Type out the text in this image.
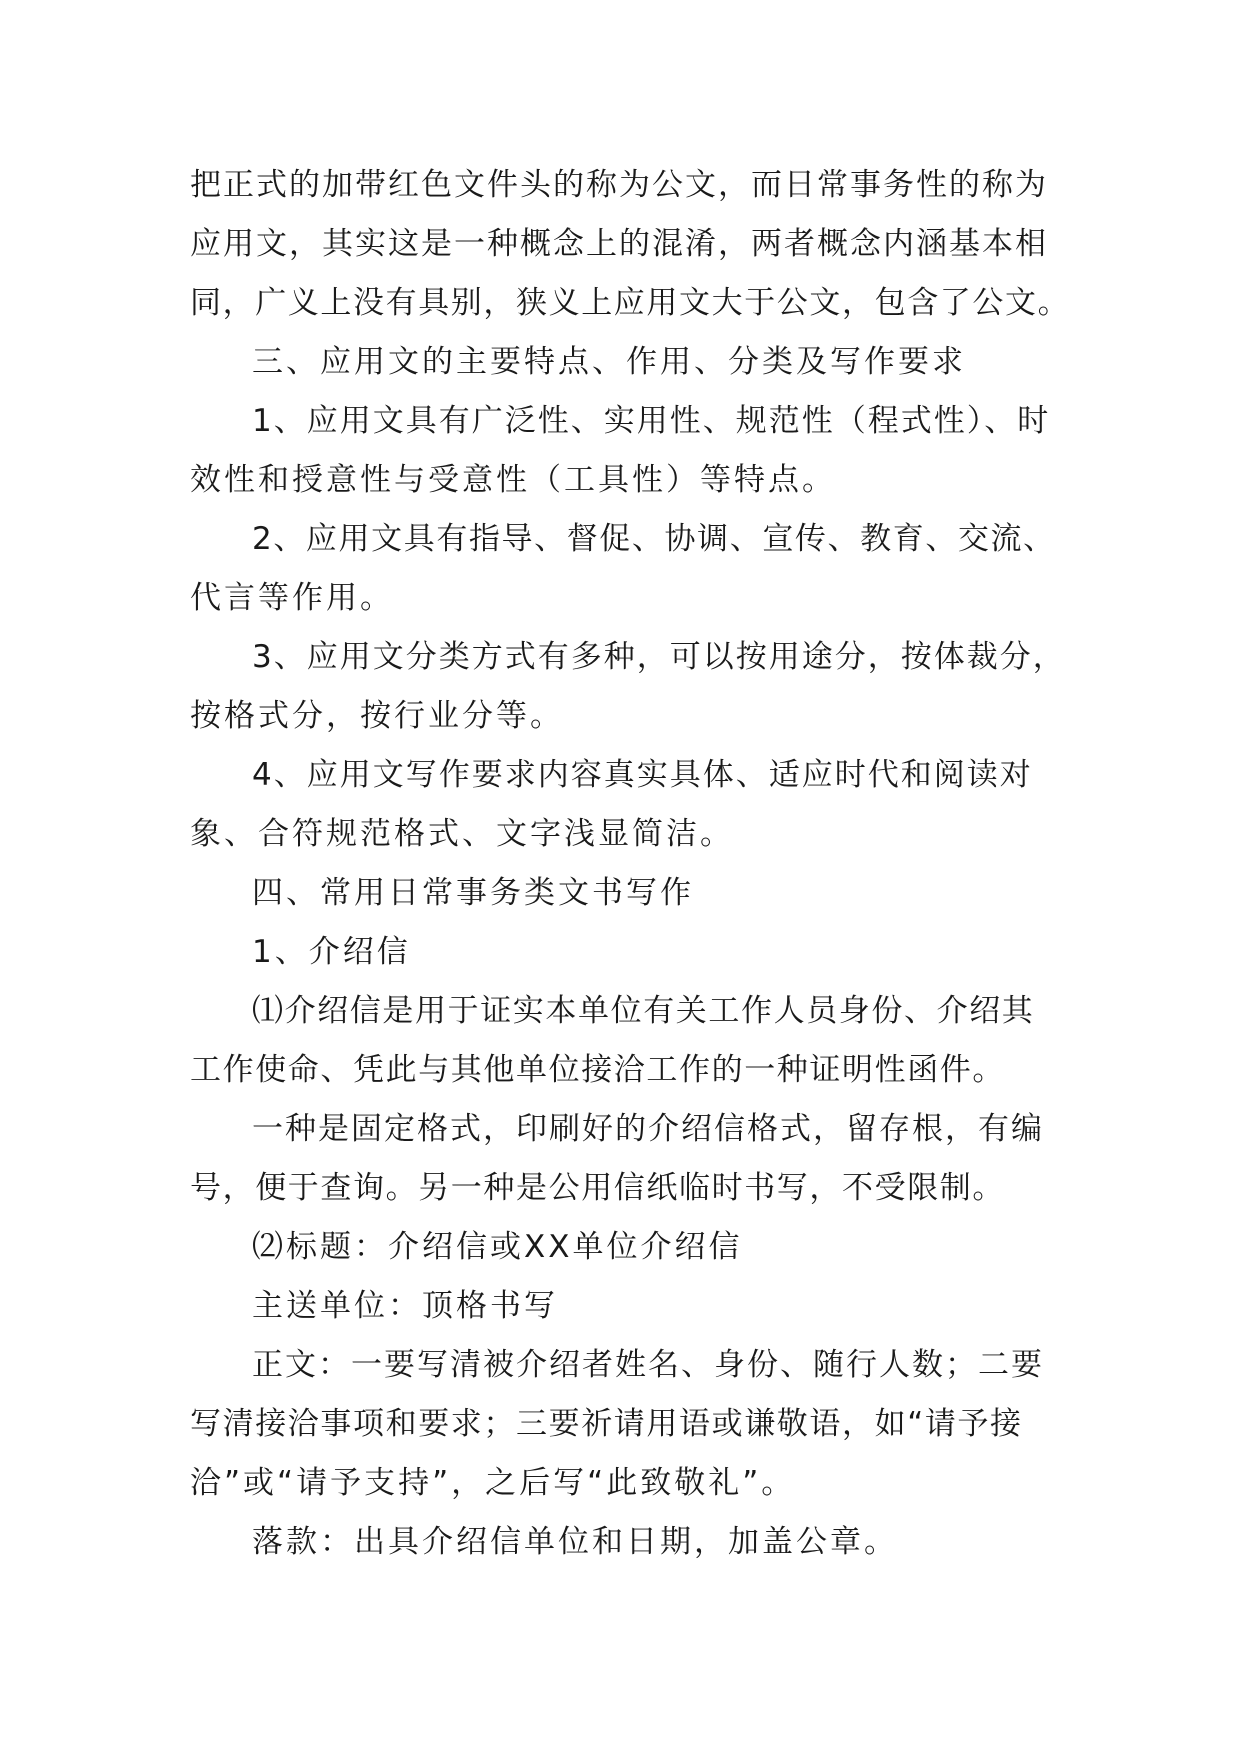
把正式的加带红色文件头的称为公文，而日常事务性的称为
应用文，其实这是一种概念上的混淆，两者概念内涵基本相
同，广义上没有具别，狭义上应用文大于公文，包含了公文。
三、应用文的主要特点、作用、分类及写作要求
1、应用文具有广泛性、实用性、规范性（程式性）、时
效性和授意性与受意性（工具性）等特点。
2、应用文具有指导、督促、协调、宣传、教育、交流、
代言等作用。
3、应用文分类方式有多种，可以按用途分，按体裁分，
按格式分，按行业分等。
4、应用文写作要求内容真实具体、适应时代和阅读对
象、合符规范格式、文字浅显简洁。
四、常用日常事务类文书写作
1、介绍信
⑴介绍信是用于证实本单位有关工作人员身份、介绍其
工作使命、凭此与其他单位接洽工作的一种证明性函件。
一种是固定格式，印刷好的介绍信格式，留存根，有编
号，便于查询。另一种是公用信纸临时书写，不受限制。
⑵标题：介绍信或XX单位介绍信
主送单位：顶格书写
正文：一要写清被介绍者姓名、身份、随行人数；二要
写清接洽事项和要求；三要祈请用语或谦敬语，如“请予接
洽”或“请予支持”，之后写“此致敬礼”。
落款：出具介绍信单位和日期，加盖公章。
